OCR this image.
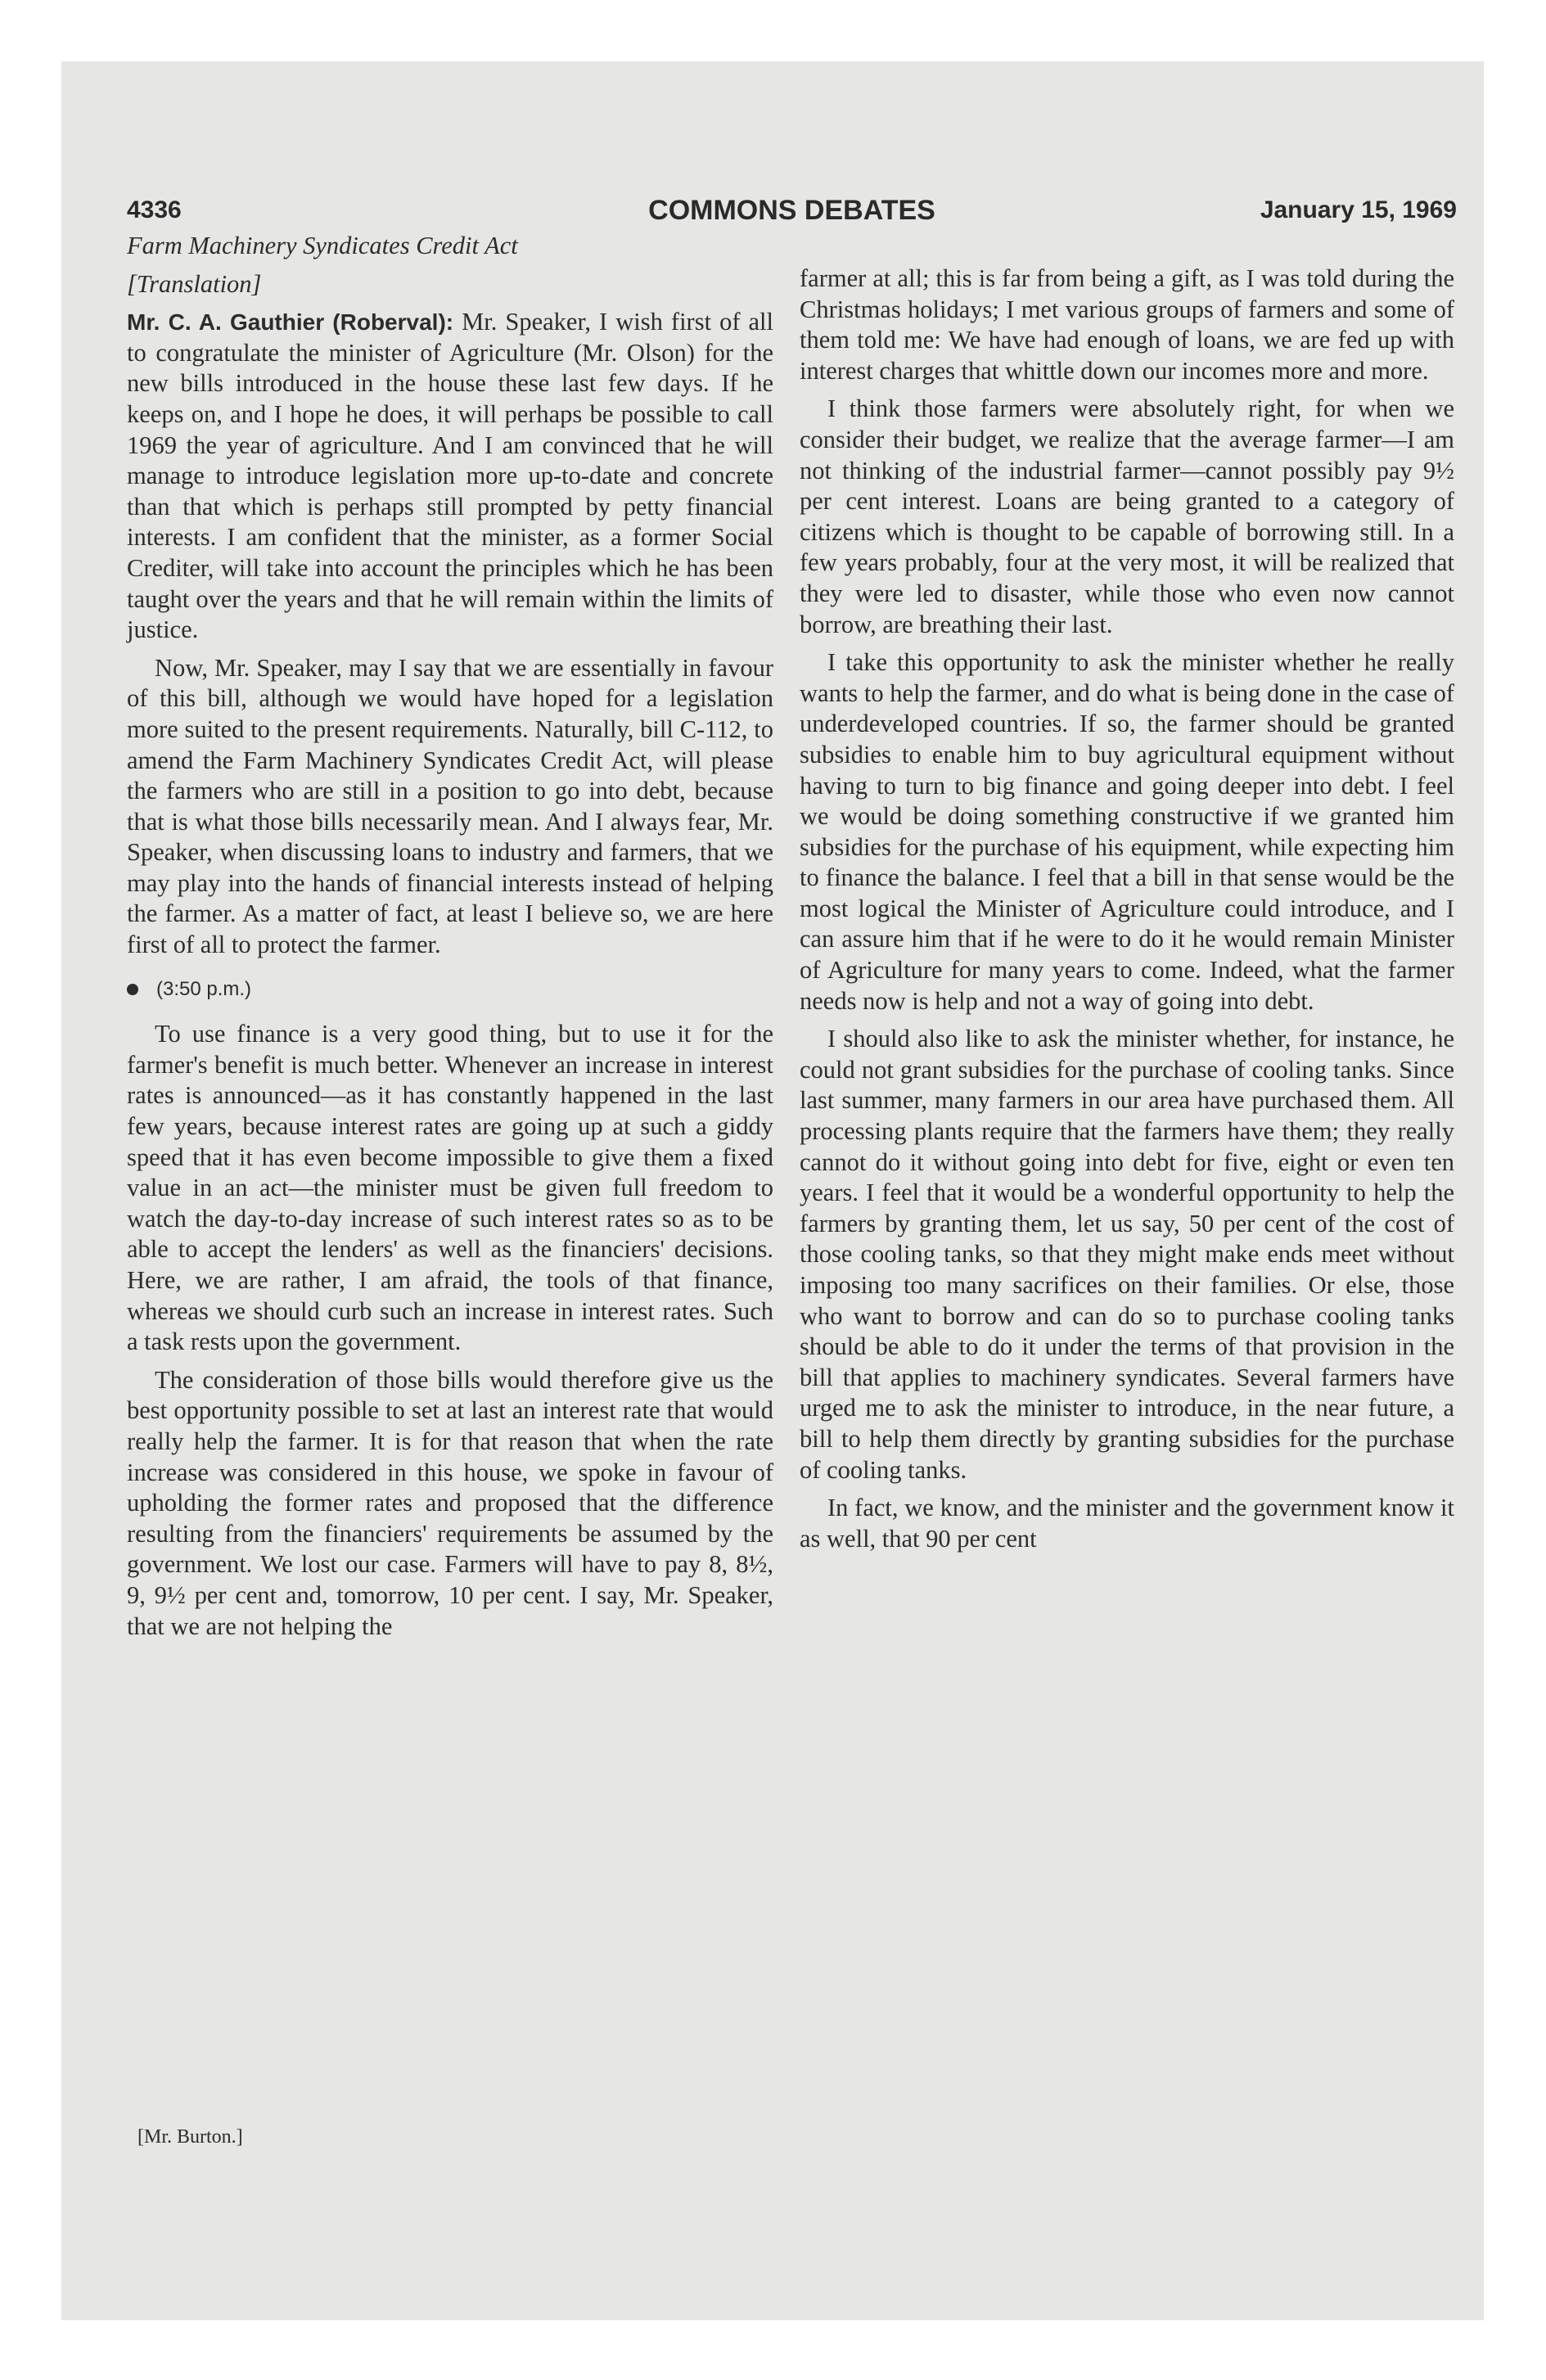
4336	COMMONS DEBATES	January 15, 1969

Farm Machinery Syndicates Credit Act

[Translation]

Mr. C. A. Gauthier (Roberval): Mr. Speaker, I wish first of all to congratulate the minister of Agriculture (Mr. Olson) for the new bills introduced in the house these last few days. If he keeps on, and I hope he does, it will perhaps be possible to call 1969 the year of agriculture. And I am convinced that he will manage to introduce legislation more up-to-date and concrete than that which is perhaps still prompted by petty financial interests. I am confident that the minister, as a former Social Crediter, will take into account the principles which he has been taught over the years and that he will remain within the limits of justice.

Now, Mr. Speaker, may I say that we are essentially in favour of this bill, although we would have hoped for a legislation more suited to the present requirements. Naturally, bill C-112, to amend the Farm Machinery Syndicates Credit Act, will please the farmers who are still in a position to go into debt, because that is what those bills necessarily mean. And I always fear, Mr. Speaker, when discussing loans to industry and farmers, that we may play into the hands of financial interests instead of helping the farmer. As a matter of fact, at least I believe so, we are here first of all to protect the farmer.

(3:50 p.m.)

To use finance is a very good thing, but to use it for the farmer's benefit is much better. Whenever an increase in interest rates is announced—as it has constantly happened in the last few years, because interest rates are going up at such a giddy speed that it has even become impossible to give them a fixed value in an act—the minister must be given full freedom to watch the day-to-day increase of such interest rates so as to be able to accept the lenders' as well as the financiers' decisions. Here, we are rather, I am afraid, the tools of that finance, whereas we should curb such an increase in interest rates. Such a task rests upon the government.

The consideration of those bills would therefore give us the best opportunity possible to set at last an interest rate that would really help the farmer. It is for that reason that when the rate increase was considered in this house, we spoke in favour of upholding the former rates and proposed that the difference resulting from the financiers' requirements be assumed by the government. We lost our case. Farmers will have to pay 8, 8½, 9, 9½ per cent and, tomorrow, 10 per cent. I say, Mr. Speaker, that we are not helping the

[Mr. Burton.]

farmer at all; this is far from being a gift, as I was told during the Christmas holidays; I met various groups of farmers and some of them told me: We have had enough of loans, we are fed up with interest charges that whittle down our incomes more and more.

I think those farmers were absolutely right, for when we consider their budget, we realize that the average farmer—I am not thinking of the industrial farmer—cannot possibly pay 9½ per cent interest. Loans are being granted to a category of citizens which is thought to be capable of borrowing still. In a few years probably, four at the very most, it will be realized that they were led to disaster, while those who even now cannot borrow, are breathing their last.

I take this opportunity to ask the minister whether he really wants to help the farmer, and do what is being done in the case of underdeveloped countries. If so, the farmer should be granted subsidies to enable him to buy agricultural equipment without having to turn to big finance and going deeper into debt. I feel we would be doing something constructive if we granted him subsidies for the purchase of his equipment, while expecting him to finance the balance. I feel that a bill in that sense would be the most logical the Minister of Agriculture could introduce, and I can assure him that if he were to do it he would remain Minister of Agriculture for many years to come. Indeed, what the farmer needs now is help and not a way of going into debt.

I should also like to ask the minister whether, for instance, he could not grant subsidies for the purchase of cooling tanks. Since last summer, many farmers in our area have purchased them. All processing plants require that the farmers have them; they really cannot do it without going into debt for five, eight or even ten years. I feel that it would be a wonderful opportunity to help the farmers by granting them, let us say, 50 per cent of the cost of those cooling tanks, so that they might make ends meet without imposing too many sacrifices on their families. Or else, those who want to borrow and can do so to purchase cooling tanks should be able to do it under the terms of that provision in the bill that applies to machinery syndicates. Several farmers have urged me to ask the minister to introduce, in the near future, a bill to help them directly by granting subsidies for the purchase of cooling tanks.

In fact, we know, and the minister and the government know it as well, that 90 per cent
